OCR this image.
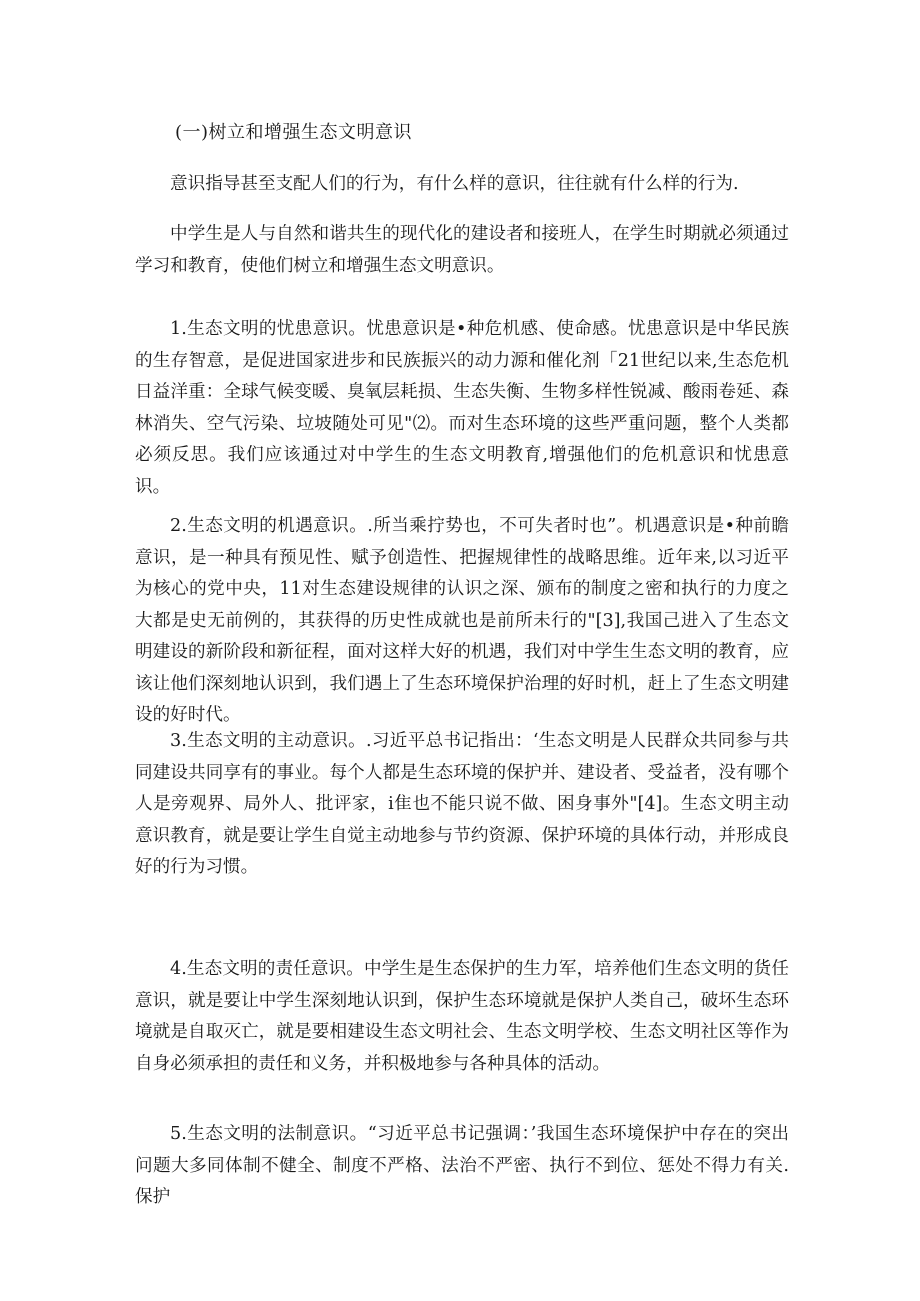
(一)树立和增强生态文明意识

意识指导甚至支配人们的行为，有什么样的意识，往往就有什么样的行为.

中学生是人与自然和谐共生的现代化的建设者和接班人，在学生时期就必须通过学习和教育，使他们树立和增强生态文明意识。

1.生态文明的忧患意识。忧患意识是•种危机感、使命感。忧患意识是中华民族的生存智意，是促进国家进步和民族振兴的动力源和催化剂「21世纪以来,生态危机日益洋重：全球气候变暖、臭氧层耗损、生态失衡、生物多样性锐减、酸雨卷延、森林消失、空气污染、垃坡随处可见"⑵。而对生态环境的这些严重问题，整个人类都必须反思。我们应该通过对中学生的生态文明教育,增强他们的危机意识和忧患意识。

2.生态文明的机遇意识。.所当乘拧势也，不可失者时也”。机遇意识是•种前瞻意识，是一种具有预见性、赋予创造性、把握规律性的战略思维。近年来,以习近平为核心的党中央，11对生态建设规律的认识之深、颁布的制度之密和执行的力度之大都是史无前例的，其获得的历史性成就也是前所未行的"[3],我国己进入了生态文明建设的新阶段和新征程，面对这样大好的机遇，我们对中学生生态文明的教育，应该让他们深刻地认识到，我们遇上了生态环境保护治理的好时机，赶上了生态文明建设的好时代。

3.生态文明的主动意识。.习近平总书记指出：‘生态文明是人民群众共同参与共同建设共同享有的事业。每个人都是生态环境的保护并、建设者、受益者，没有哪个人是旁观界、局外人、批评家，i隹也不能只说不做、困身事外"[4]。生态文明主动意识教育，就是要让学生自觉主动地参与节约资源、保护环境的具体行动，并形成良好的行为习惯。

4.生态文明的责任意识。中学生是生态保护的生力军，培养他们生态文明的货任意识，就是要让中学生深刻地认识到，保护生态环境就是保护人类自己，破坏生态环境就是自取灭亡，就是要相建设生态文明社会、生态文明学校、生态文明社区等作为自身必须承担的责任和义务，并积极地参与各种具体的活动。

5.生态文明的法制意识。“习近平总书记强调：’我国生态环境保护中存在的突出问题大多同体制不健全、制度不严格、法治不严密、执行不到位、惩处不得力有关.保护
